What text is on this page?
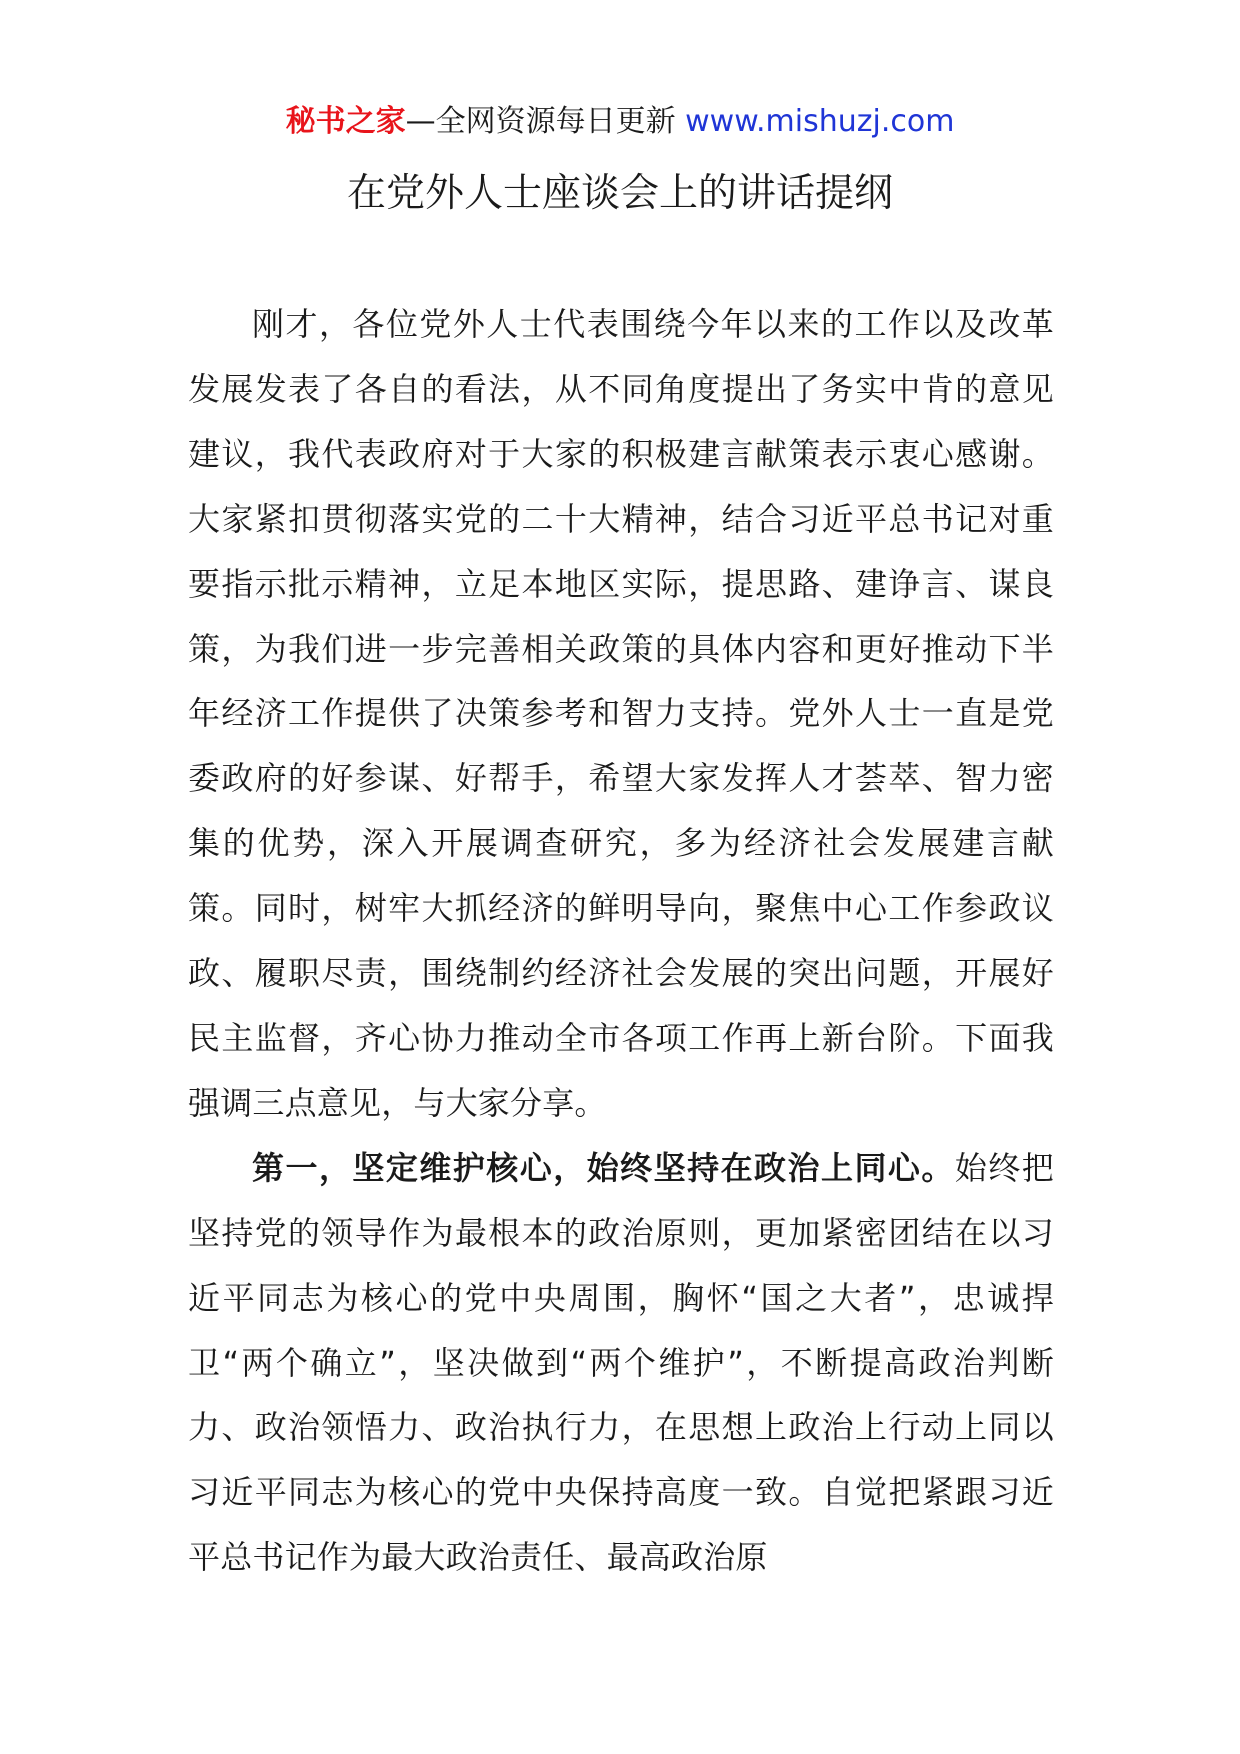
秘书之家—全网资源每日更新 www.mishuzj.com
在党外人士座谈会上的讲话提纲

刚才，各位党外人士代表围绕今年以来的工作以及改革发展发表了各自的看法，从不同角度提出了务实中肯的意见建议，我代表政府对于大家的积极建言献策表示衷心感谢。大家紧扣贯彻落实党的二十大精神，结合习近平总书记对重要指示批示精神，立足本地区实际，提思路、建诤言、谋良策，为我们进一步完善相关政策的具体内容和更好推动下半年经济工作提供了决策参考和智力支持。党外人士一直是党委政府的好参谋、好帮手，希望大家发挥人才荟萃、智力密集的优势，深入开展调查研究，多为经济社会发展建言献策。同时，树牢大抓经济的鲜明导向，聚焦中心工作参政议政、履职尽责，围绕制约经济社会发展的突出问题，开展好民主监督，齐心协力推动全市各项工作再上新台阶。下面我强调三点意见，与大家分享。

第一，坚定维护核心，始终坚持在政治上同心。始终把坚持党的领导作为最根本的政治原则，更加紧密团结在以习近平同志为核心的党中央周围，胸怀“国之大者”，忠诚捍卫“两个确立”，坚决做到“两个维护”，不断提高政治判断力、政治领悟力、政治执行力，在思想上政治上行动上同以习近平同志为核心的党中央保持高度一致。自觉把紧跟习近平总书记作为最大政治责任、最高政治原
